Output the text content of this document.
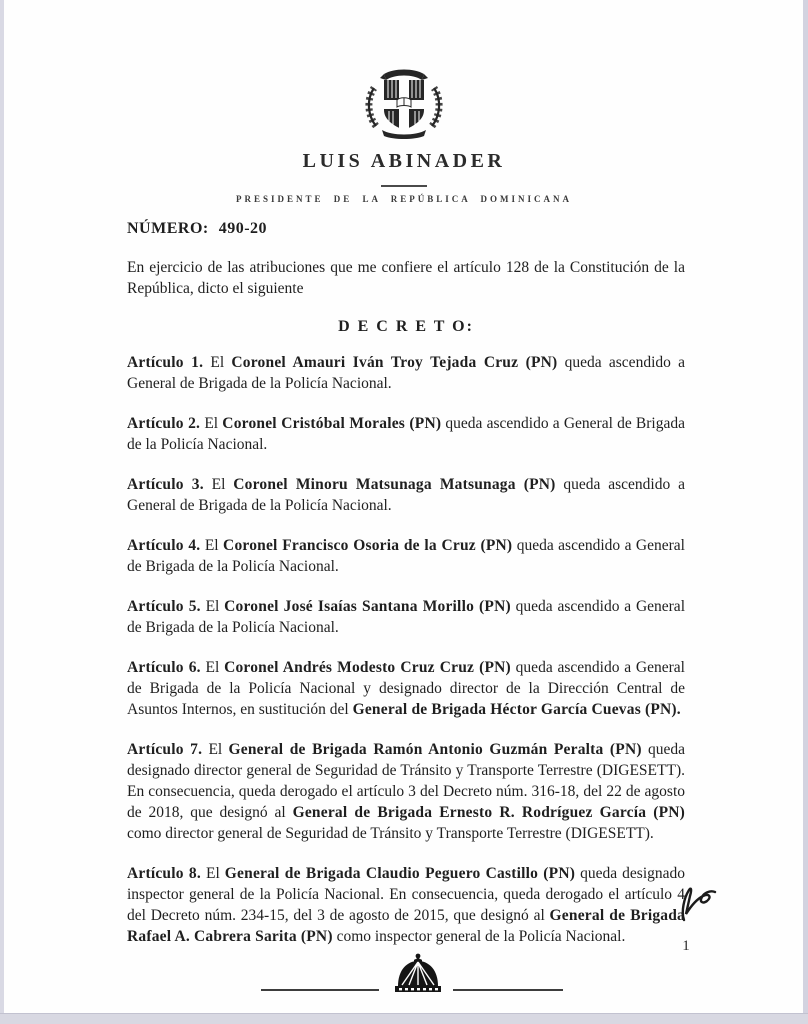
LUIS ABINADER
PRESIDENTE DE LA REPÚBLICA DOMINICANA

NÚMERO: 490-20

En ejercicio de las atribuciones que me confiere el artículo 128 de la Constitución de la República, dicto el siguiente

D E C R E T O:

Artículo 1. El Coronel Amauri Iván Troy Tejada Cruz (PN) queda ascendido a General de Brigada de la Policía Nacional.

Artículo 2. El Coronel Cristóbal Morales (PN) queda ascendido a General de Brigada de la Policía Nacional.

Artículo 3. El Coronel Minoru Matsunaga Matsunaga (PN) queda ascendido a General de Brigada de la Policía Nacional.

Artículo 4. El Coronel Francisco Osoria de la Cruz (PN) queda ascendido a General de Brigada de la Policía Nacional.

Artículo 5. El Coronel José Isaías Santana Morillo (PN) queda ascendido a General de Brigada de la Policía Nacional.

Artículo 6. El Coronel Andrés Modesto Cruz Cruz (PN) queda ascendido a General de Brigada de la Policía Nacional y designado director de la Dirección Central de Asuntos Internos, en sustitución del General de Brigada Héctor García Cuevas (PN).

Artículo 7. El General de Brigada Ramón Antonio Guzmán Peralta (PN) queda designado director general de Seguridad de Tránsito y Transporte Terrestre (DIGESETT). En consecuencia, queda derogado el artículo 3 del Decreto núm. 316-18, del 22 de agosto de 2018, que designó al General de Brigada Ernesto R. Rodríguez García (PN) como director general de Seguridad de Tránsito y Transporte Terrestre (DIGESETT).

Artículo 8. El General de Brigada Claudio Peguero Castillo (PN) queda designado inspector general de la Policía Nacional. En consecuencia, queda derogado el artículo 4 del Decreto núm. 234-15, del 3 de agosto de 2015, que designó al General de Brigada Rafael A. Cabrera Sarita (PN) como inspector general de la Policía Nacional.

1
